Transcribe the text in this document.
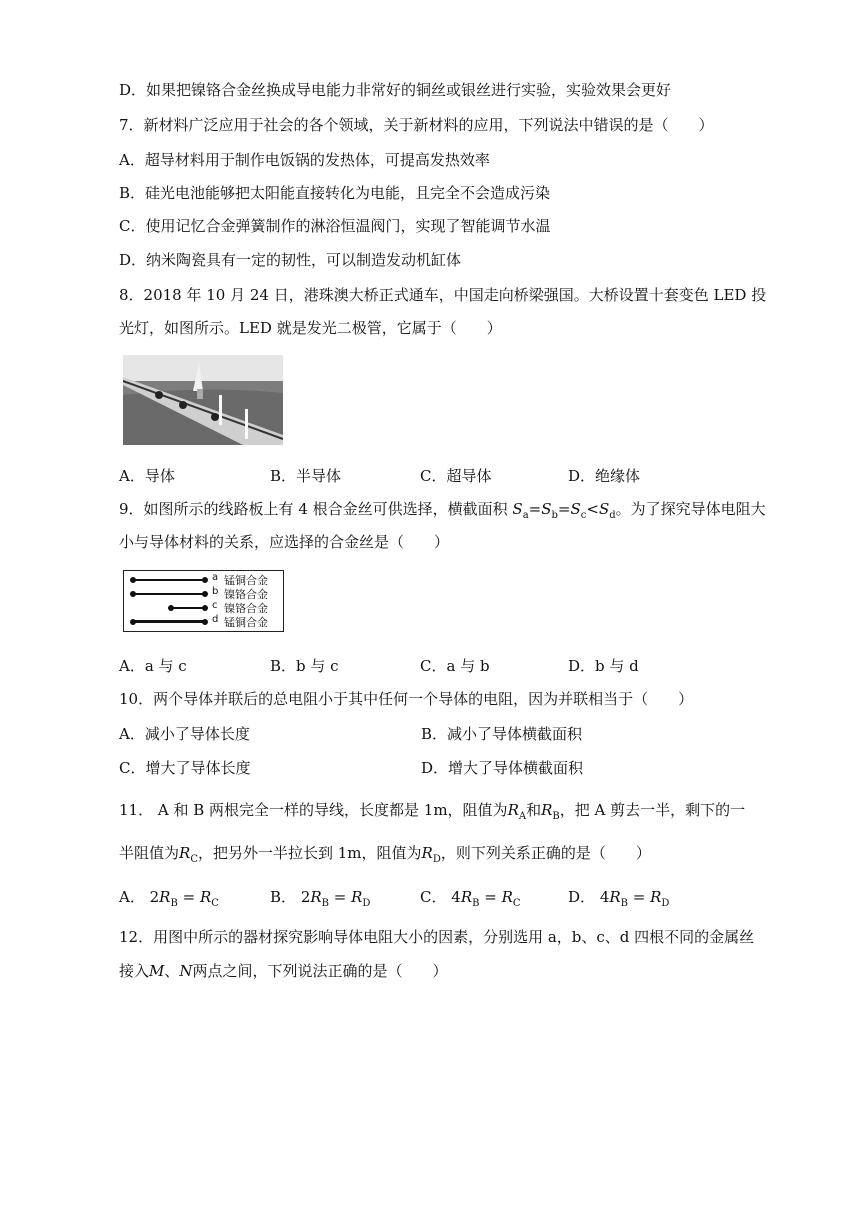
D．如果把镍铬合金丝换成导电能力非常好的铜丝或银丝进行实验，实验效果会更好
7．新材料广泛应用于社会的各个领域，关于新材料的应用，下列说法中错误的是（　　）
A．超导材料用于制作电饭锅的发热体，可提高发热效率
B．硅光电池能够把太阳能直接转化为电能，且完全不会造成污染
C．使用记忆合金弹簧制作的淋浴恒温阀门，实现了智能调节水温
D．纳米陶瓷具有一定的韧性，可以制造发动机缸体
8．2018 年 10 月 24 日，港珠澳大桥正式通车，中国走向桥梁强国。大桥设置十套变色 LED 投
光灯，如图所示。LED 就是发光二极管，它属于（　　）
A．导体	B．半导体	C．超导体	D．绝缘体
9．如图所示的线路板上有 4 根合金丝可供选择，横截面积 $S_a=S_b=S_c<S_d$。为了探究导体电阻大
小与导体材料的关系，应选择的合金丝是（　　）
a 锰铜合金
b 镍铬合金
c 镍铬合金
d 锰铜合金
A．a 与 c	B．b 与 c	C．a 与 b	D．b 与 d
10．两个导体并联后的总电阻小于其中任何一个导体的电阻，因为并联相当于（　　）
A．减小了导体长度	B．减小了导体横截面积
C．增大了导体长度	D．增大了导体横截面积
11． A 和 B 两根完全一样的导线，长度都是 1m，阻值为$R_A$和$R_B$，把 A 剪去一半，剩下的一
半阻值为$R_C$，把另外一半拉长到 1m，阻值为$R_D$，则下列关系正确的是（　　）
A． $2R_B = R_C$	B． $2R_B = R_D$	C． $4R_B = R_C$	D． $4R_B = R_D$
12．用图中所示的器材探究影响导体电阻大小的因素，分别选用 a，b、c、d 四根不同的金属丝
接入M、N两点之间，下列说法正确的是（　　）
